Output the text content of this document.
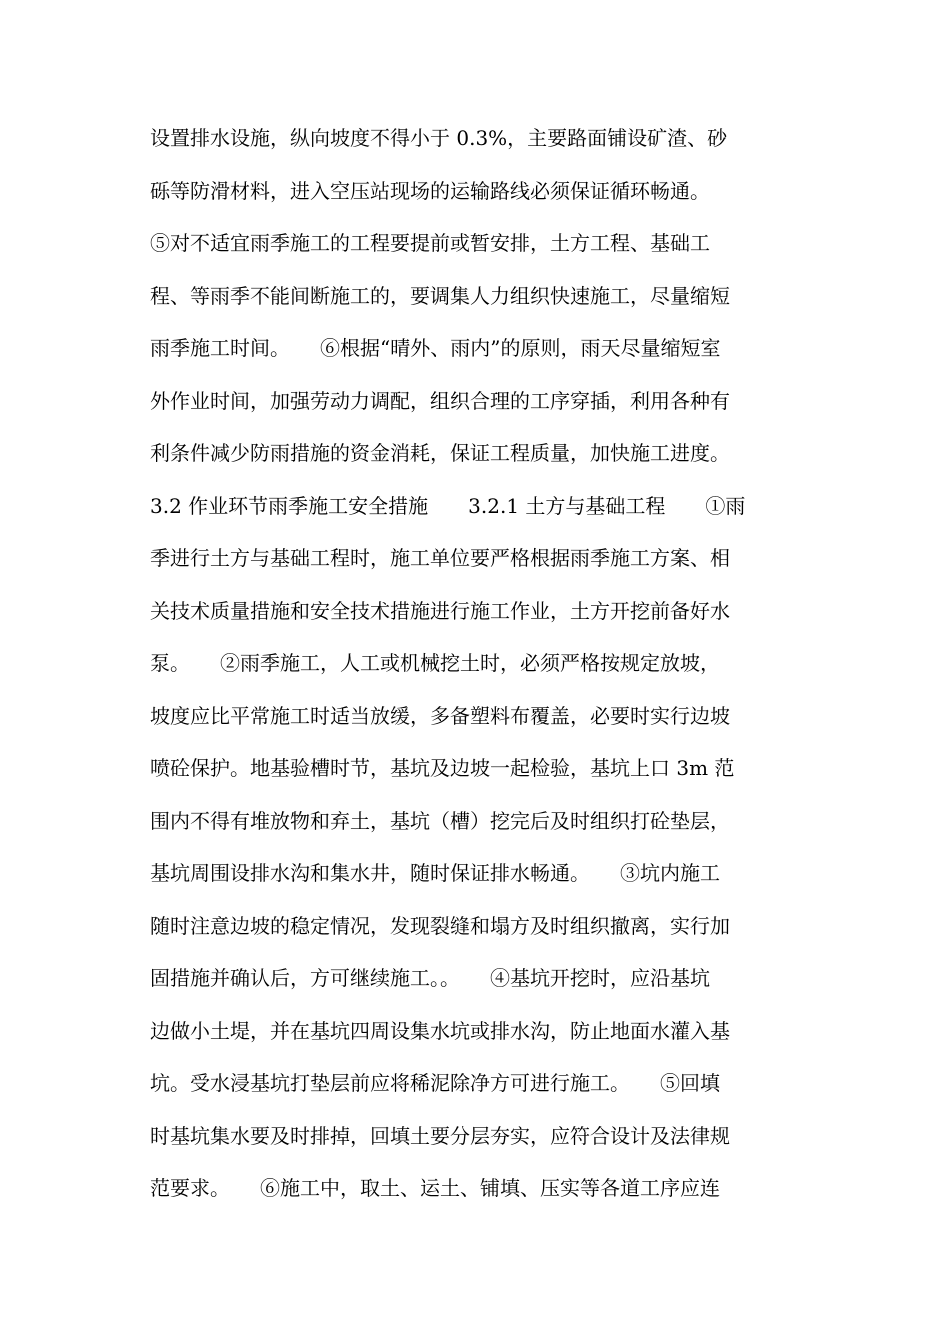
设置排水设施，纵向坡度不得小于 0.3%，主要路面铺设矿渣、砂
砾等防滑材料，进入空压站现场的运输路线必须保证循环畅通。
⑤对不适宜雨季施工的工程要提前或暂安排，土方工程、基础工
程、等雨季不能间断施工的，要调集人力组织快速施工，尽量缩短
雨季施工时间。　　⑥根据“晴外、雨内”的原则，雨天尽量缩短室
外作业时间，加强劳动力调配，组织合理的工序穿插，利用各种有
利条件减少防雨措施的资金消耗，保证工程质量，加快施工进度。
3.2 作业环节雨季施工安全措施　　3.2.1 土方与基础工程　　①雨
季进行土方与基础工程时，施工单位要严格根据雨季施工方案、相
关技术质量措施和安全技术措施进行施工作业，土方开挖前备好水
泵。　　②雨季施工，人工或机械挖土时，必须严格按规定放坡，
坡度应比平常施工时适当放缓，多备塑料布覆盖，必要时实行边坡
喷砼保护。地基验槽时节，基坑及边坡一起检验，基坑上口 3m 范
围内不得有堆放物和弃土，基坑（槽）挖完后及时组织打砼垫层，
基坑周围设排水沟和集水井，随时保证排水畅通。　　③坑内施工
随时注意边坡的稳定情况，发现裂缝和塌方及时组织撤离，实行加
固措施并确认后，方可继续施工。。　　④基坑开挖时，应沿基坑
边做小土堤，并在基坑四周设集水坑或排水沟，防止地面水灌入基
坑。受水浸基坑打垫层前应将稀泥除净方可进行施工。　　⑤回填
时基坑集水要及时排掉，回填土要分层夯实，应符合设计及法律规
范要求。　　⑥施工中，取土、运土、铺填、压实等各道工序应连
